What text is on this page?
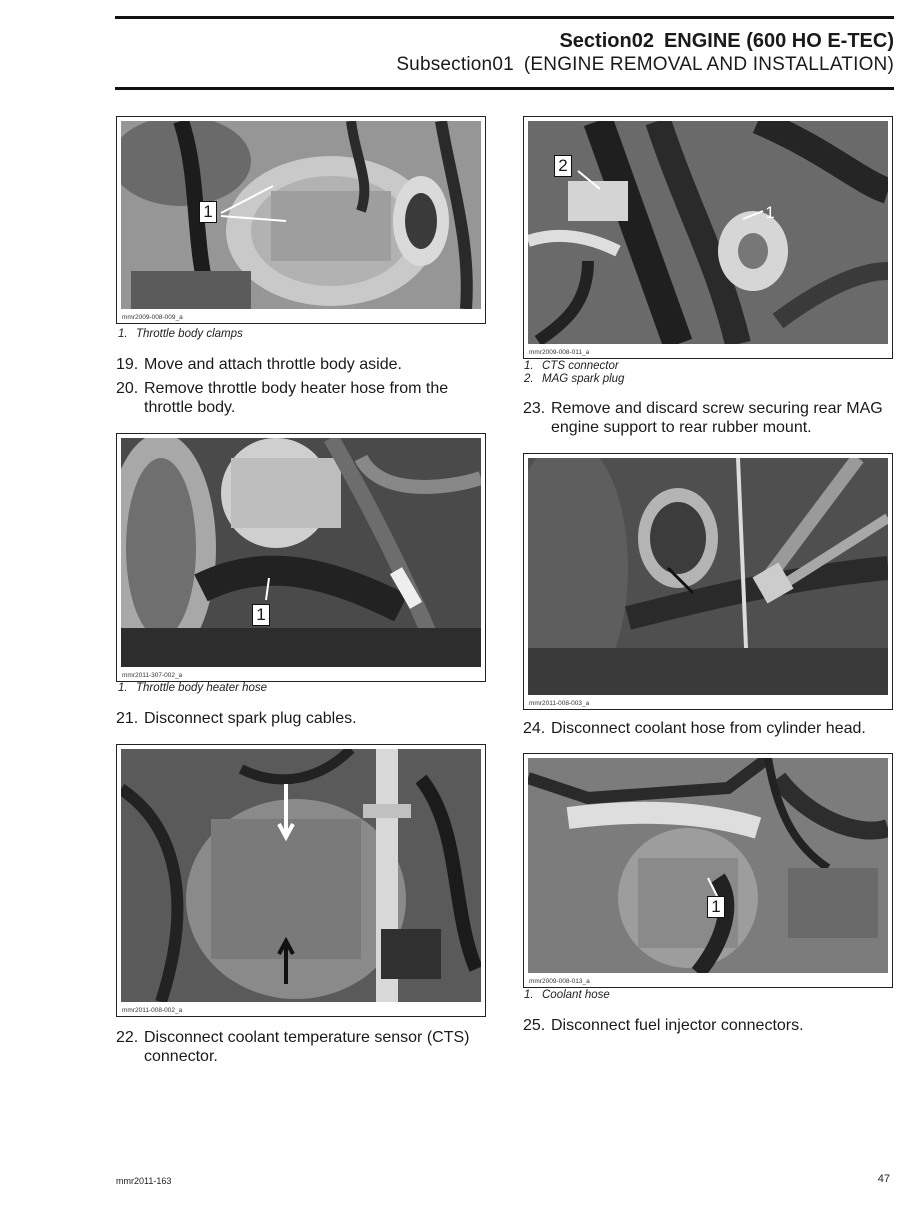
Section02 ENGINE (600 HO E-TEC)
Subsection01 (ENGINE REMOVAL AND INSTALLATION)
1
mmr2009-008-009_a
1. Throttle body clamps
19. Move and attach throttle body aside.
20. Remove throttle body heater hose from the throttle body.
1
mmr2011-307-002_a
1. Throttle body heater hose
21. Disconnect spark plug cables.
mmr2011-008-002_a
22. Disconnect coolant temperature sensor (CTS) connector.
2
1
mmr2009-008-011_a
1. CTS connector
2. MAG spark plug
23. Remove and discard screw securing rear MAG engine support to rear rubber mount.
mmr2011-008-003_a
24. Disconnect coolant hose from cylinder head.
1
mmr2009-008-013_a
1. Coolant hose
25. Disconnect fuel injector connectors.
mmr2011-163	47
